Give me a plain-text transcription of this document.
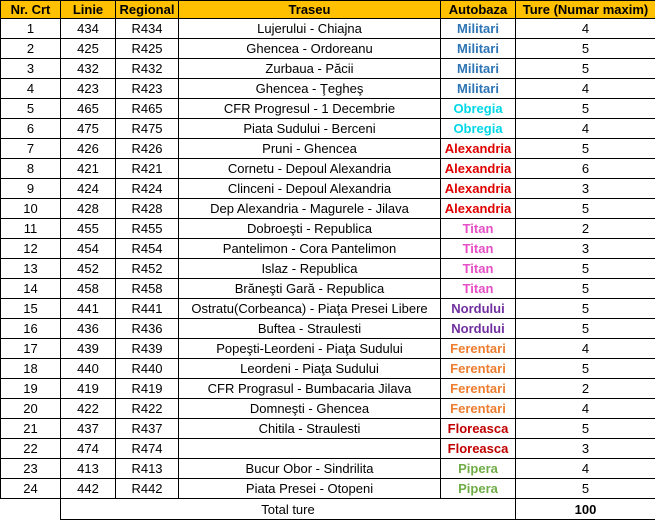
Nr. Crt	Linie	Regional	Traseu	Autobaza	Ture (Numar maxim)
1	434	R434	Lujerului - Chiajna	Militari	4
2	425	R425	Ghencea - Ordoreanu	Militari	5
3	432	R432	Zurbaua - Păcii	Militari	5
4	423	R423	Ghencea - Ţegheş	Militari	4
5	465	R465	CFR Progresul - 1 Decembrie	Obregia	5
6	475	R475	Piata Sudului - Berceni	Obregia	4
7	426	R426	Pruni - Ghencea	Alexandria	5
8	421	R421	Cornetu - Depoul Alexandria	Alexandria	6
9	424	R424	Clinceni - Depoul Alexandria	Alexandria	3
10	428	R428	Dep Alexandria - Magurele - Jilava	Alexandria	5
11	455	R455	Dobroeşti - Republica	Titan	2
12	454	R454	Pantelimon - Cora Pantelimon	Titan	3
13	452	R452	Islaz - Republica	Titan	5
14	458	R458	Brăneşti Gară - Republica	Titan	5
15	441	R441	Ostratu(Corbeanca) - Piaţa Presei Libere	Nordului	5
16	436	R436	Buftea - Straulesti	Nordului	5
17	439	R439	Popeşti-Leordeni - Piaţa Sudului	Ferentari	4
18	440	R440	Leordeni - Piaţa Sudului	Ferentari	5
19	419	R419	CFR Prograsul - Bumbacaria Jilava	Ferentari	2
20	422	R422	Domneşti - Ghencea	Ferentari	4
21	437	R437	Chitila - Straulesti	Floreasca	5
22	474	R474		Floreasca	3
23	413	R413	Bucur Obor - Sindrilita	Pipera	4
24	442	R442	Piata Presei - Otopeni	Pipera	5
	Total ture				100
